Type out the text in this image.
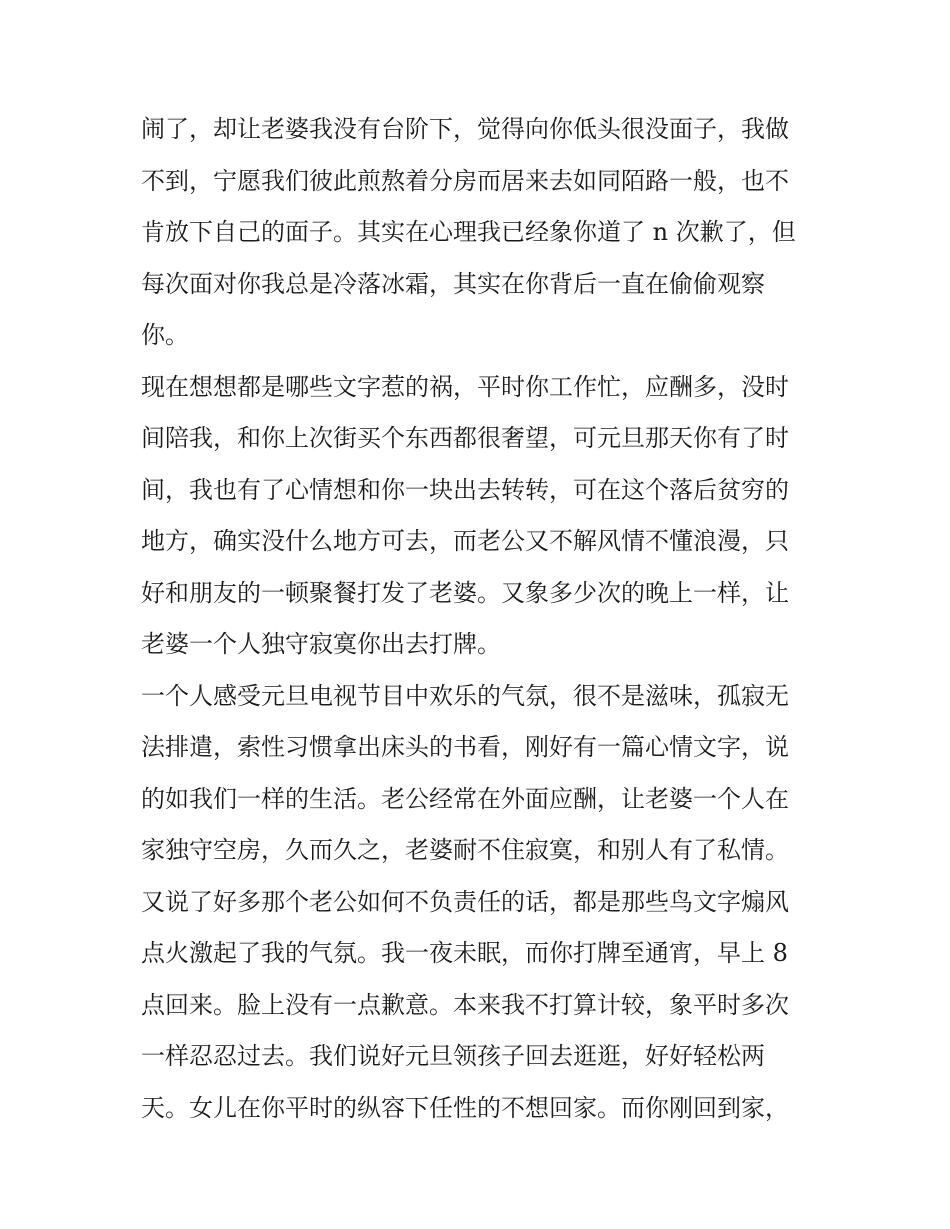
闹了，却让老婆我没有台阶下，觉得向你低头很没面子，我做
不到，宁愿我们彼此煎熬着分房而居来去如同陌路一般，也不
肯放下自己的面子。其实在心理我已经象你道了 n 次歉了，但
每次面对你我总是冷落冰霜，其实在你背后一直在偷偷观察
你。
现在想想都是哪些文字惹的祸，平时你工作忙，应酬多，没时
间陪我，和你上次街买个东西都很奢望，可元旦那天你有了时
间，我也有了心情想和你一块出去转转，可在这个落后贫穷的
地方，确实没什么地方可去，而老公又不解风情不懂浪漫，只
好和朋友的一顿聚餐打发了老婆。又象多少次的晚上一样，让
老婆一个人独守寂寞你出去打牌。
一个人感受元旦电视节目中欢乐的气氛，很不是滋味，孤寂无
法排遣，索性习惯拿出床头的书看，刚好有一篇心情文字，说
的如我们一样的生活。老公经常在外面应酬，让老婆一个人在
家独守空房，久而久之，老婆耐不住寂寞，和别人有了私情。
又说了好多那个老公如何不负责任的话，都是那些鸟文字煽风
点火激起了我的气氛。我一夜未眠，而你打牌至通宵，早上 8
点回来。脸上没有一点歉意。本来我不打算计较，象平时多次
一样忍忍过去。我们说好元旦领孩子回去逛逛，好好轻松两
天。女儿在你平时的纵容下任性的不想回家。而你刚回到家，
